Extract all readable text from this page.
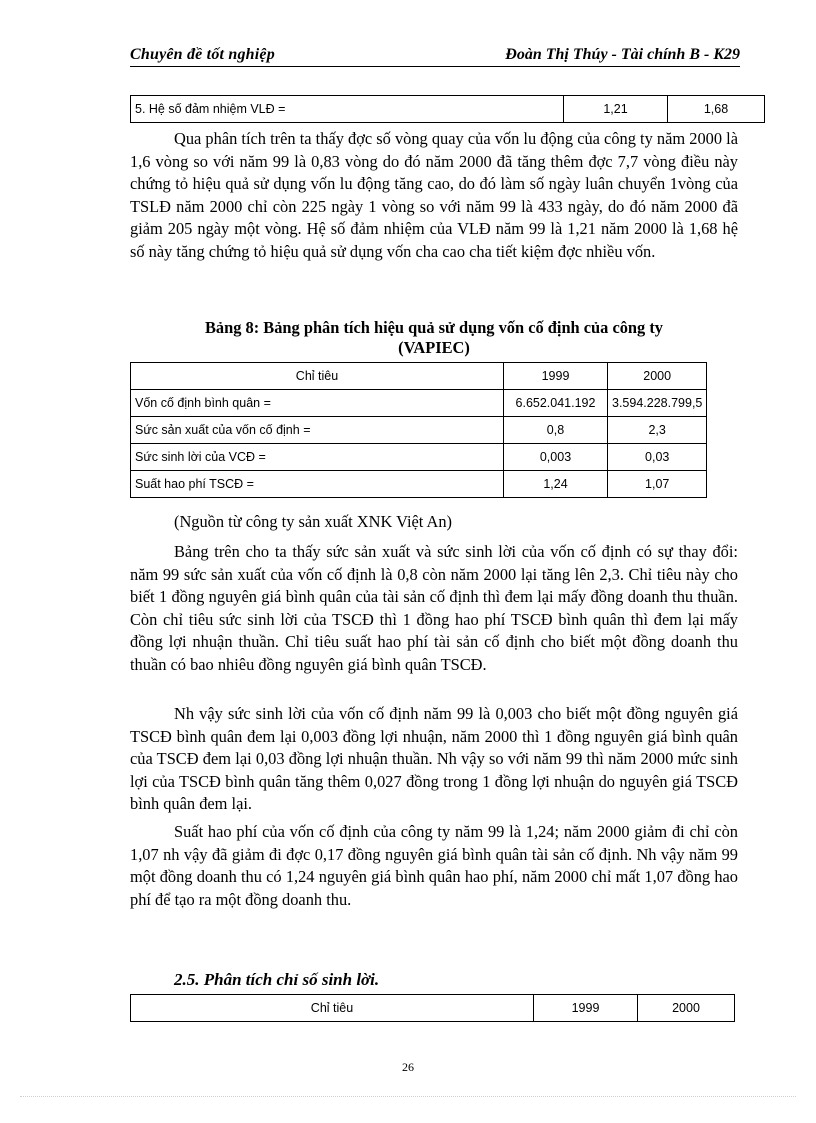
Chuyên đề tốt nghiệp	Đoàn Thị Thúy - Tài chính B - K29
5. Hệ số đảm nhiệm VLĐ =	1,21	1,68
Qua phân tích trên ta thấy đợc số vòng quay của vốn lu động của công ty năm 2000 là 1,6 vòng so với năm 99 là 0,83 vòng do đó năm 2000 đã tăng thêm đợc 7,7 vòng điều này chứng tỏ hiệu quả sử dụng vốn lu động tăng cao, do đó làm số ngày luân chuyển 1vòng của TSLĐ năm 2000 chỉ còn 225 ngày 1 vòng so với năm 99 là 433 ngày, do đó năm 2000 đã giảm 205 ngày một vòng. Hệ số đảm nhiệm của VLĐ năm 99 là 1,21 năm 2000 là 1,68 hệ số này tăng chứng tỏ hiệu quả sử dụng vốn cha cao cha tiết kiệm đợc nhiều vốn.
Bảng 8: Bảng phân tích hiệu quả sử dụng vốn cố định của công ty
(VAPIEC)
Chỉ tiêu	1999	2000
Vốn cố định bình quân =	6.652.041.192	3.594.228.799,5
Sức sản xuất của vốn cố định =	0,8	2,3
Sức sinh lời của VCĐ =	0,003	0,03
Suất hao phí TSCĐ =	1,24	1,07
(Nguồn từ công ty sản xuất XNK Việt An)
Bảng trên cho ta thấy sức sản xuất và sức sinh lời của vốn cố định có sự thay đổi: năm 99 sức sản xuất của vốn cố định là 0,8 còn năm 2000 lại tăng lên 2,3. Chỉ tiêu này cho biết 1 đồng nguyên giá bình quân của tài sản cố định thì đem lại mấy đồng doanh thu thuần. Còn chỉ tiêu sức sinh lời của TSCĐ thì 1 đồng hao phí TSCĐ bình quân thì đem lại mấy đồng lợi nhuận thuần. Chỉ tiêu suất hao phí tài sản cố định cho biết một đồng doanh thu thuần có bao nhiêu đồng nguyên giá bình quân TSCĐ.
Nh vậy sức sinh lời của vốn cố định năm 99 là 0,003 cho biết một đồng nguyên giá TSCĐ bình quân đem lại 0,003 đồng lợi nhuận, năm 2000 thì 1 đồng nguyên giá bình quân của TSCĐ đem lại 0,03 đồng lợi nhuận thuần. Nh vậy so với năm 99 thì năm 2000 mức sinh lợi của TSCĐ bình quân tăng thêm 0,027 đồng trong 1 đồng lợi nhuận do nguyên giá TSCĐ bình quân đem lại.
Suất hao phí của vốn cố định của công ty năm 99 là 1,24; năm 2000 giảm đi chỉ còn 1,07 nh vậy đã giảm đi đợc 0,17 đồng nguyên giá bình quân tài sản cố định. Nh vậy năm 99 một đồng doanh thu có 1,24 nguyên giá bình quân hao phí, năm 2000 chỉ mất 1,07 đồng hao phí để tạo ra một đồng doanh thu.
2.5. Phân tích chỉ số sinh lời.
Chỉ tiêu	1999	2000
26
